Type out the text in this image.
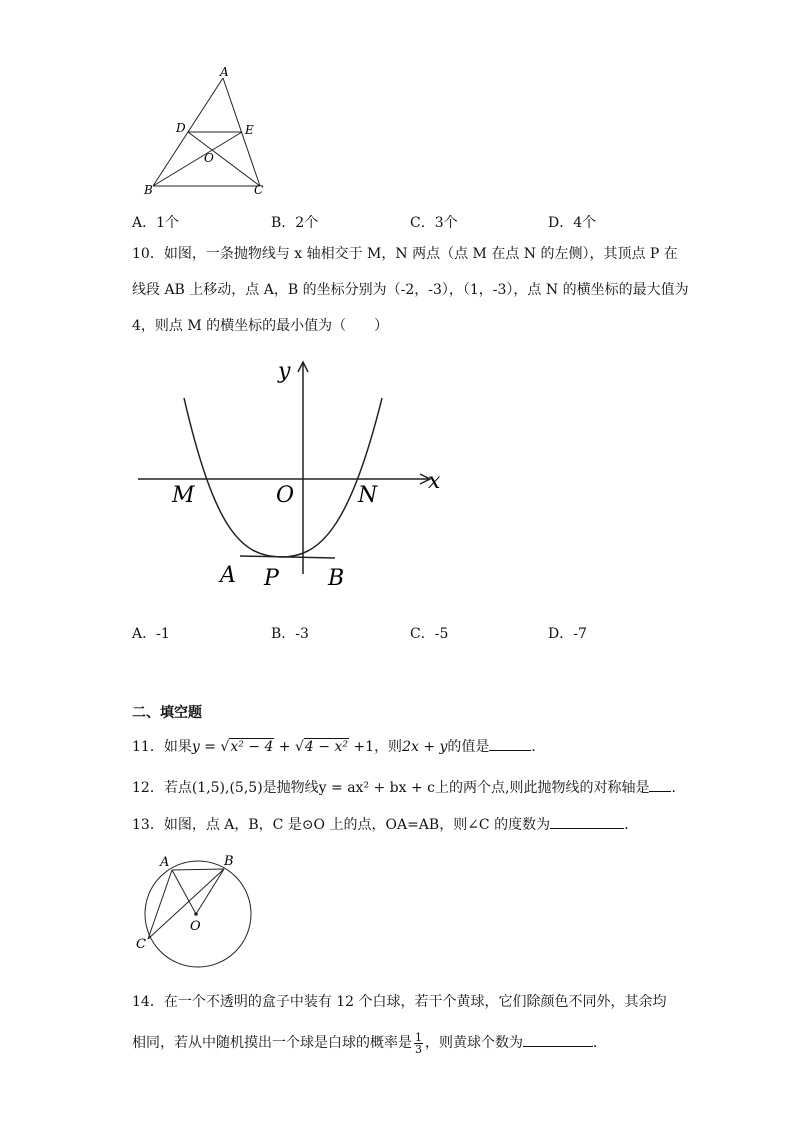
A
D	E
O
B	C
A．1个	B．2个	C．3个	D．4个
10．如图，一条抛物线与 x 轴相交于 M，N 两点（点 M 在点 N 的左侧），其顶点 P 在
线段 AB 上移动，点 A，B 的坐标分别为（-2，-3），（1，-3），点 N 的横坐标的最大值为
4，则点 M 的横坐标的最小值为（　　）
y
x
M	O	N
A P B
A．-1	B．-3	C．-5	D．-7
二、填空题
11．如果y = √x² − 4 + √4 − x² +1，则2x + y的值是	．
12．若点(1,5),(5,5)是抛物线y = ax² + bx + c上的两个点,则此抛物线的对称轴是 ．
13．如图，点 A，B，C 是⊙O 上的点，OA=AB，则∠C 的度数为	．
A	B
O
C
14．在一个不透明的盒子中装有 12 个白球，若干个黄球，它们除颜色不同外，其余均
相同，若从中随机摸出一个球是白球的概率是 $\frac{1}{3}$ ，则黄球个数为	．
